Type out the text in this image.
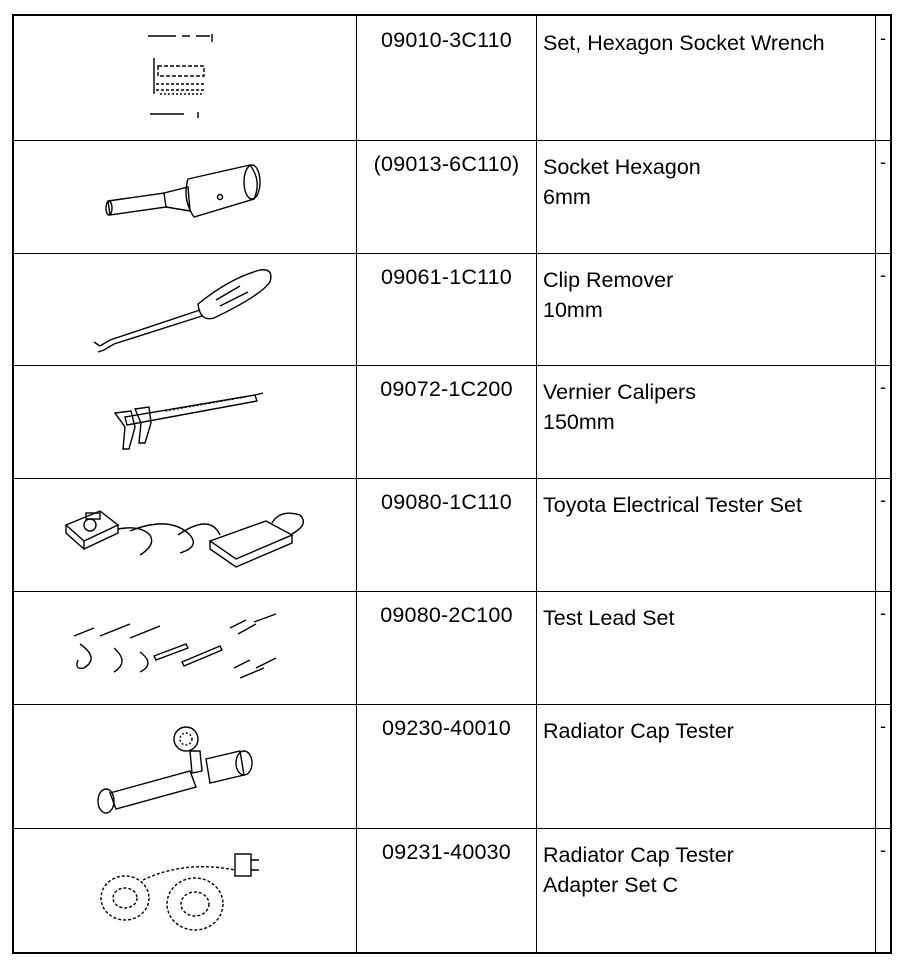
09010-3C110	Set, Hexagon Socket Wrench	-
(09013-6C110)	Socket Hexagon
6mm
-
09061-1C110	Clip Remover
10mm
-
09072-1C200	Vernier Calipers
150mm
-
09080-1C110	Toyota Electrical Tester Set	-
09080-2C100	Test Lead Set	-
09230-40010	Radiator Cap Tester	-
09231-40030	Radiator Cap Tester
Adapter Set C
-
